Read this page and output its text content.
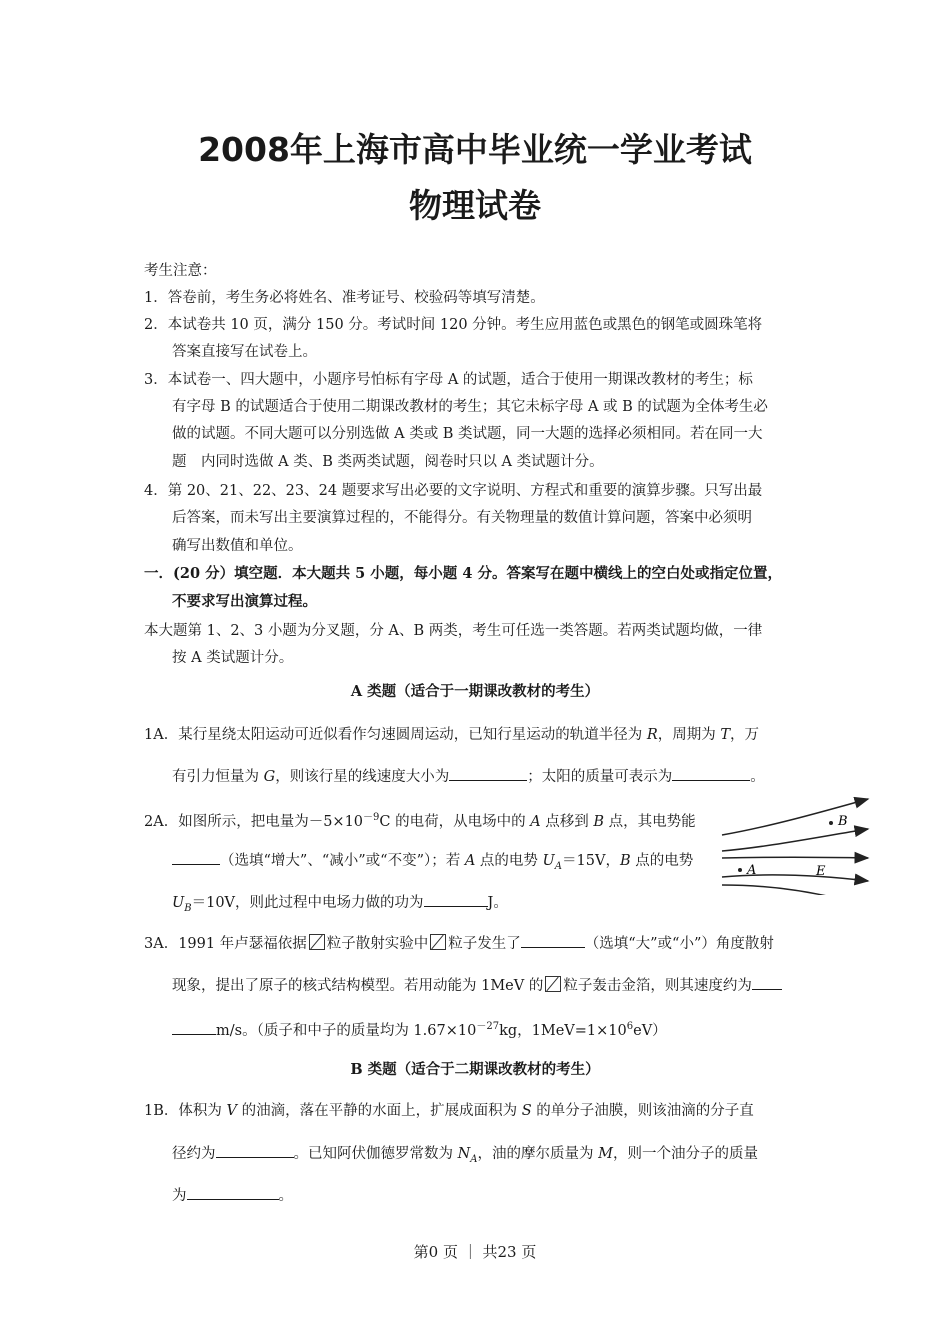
2008年上海市高中毕业统一学业考试
物理试卷
考生注意：
1．答卷前，考生务必将姓名、准考证号、校验码等填写清楚。
2．本试卷共 10 页，满分 150 分。考试时间 120 分钟。考生应用蓝色或黑色的钢笔或圆珠笔将
答案直接写在试卷上。
3．本试卷一、四大题中，小题序号怕标有字母 A 的试题，适合于使用一期课改教材的考生；标
有字母 B 的试题适合于使用二期课改教材的考生；其它未标字母 A 或 B 的试题为全体考生必
做的试题。不同大题可以分别选做 A 类或 B 类试题，同一大题的选择必须相同。若在同一大
题　内同时选做 A 类、B 类两类试题，阅卷时只以 A 类试题计分。
4．第 20、21、22、23、24 题要求写出必要的文字说明、方程式和重要的演算步骤。只写出最
后答案，而未写出主要演算过程的，不能得分。有关物理量的数值计算问题，答案中必须明
确写出数值和单位。
一．(20 分）填空题．本大题共 5 小题，每小题 4 分。答案写在题中横线上的空白处或指定位置，
不要求写出演算过程。
本大题第 1、2、3 小题为分叉题，分 A、B 两类，考生可任选一类答题。若两类试题均做，一律
按 A 类试题计分。
A 类题（适合于一期课改教材的考生）
1A．某行星绕太阳运动可近似看作匀速圆周运动，已知行星运动的轨道半径为 R，周期为 T，万
有引力恒量为 G，则该行星的线速度大小为	；太阳的质量可表示为	。
2A．如图所示，把电量为$-5\times 10^{-9}C$ 的电荷，从电场中的 A 点移到 B 点，其电势能
（选填“增大”、“减小”或“不变”）；若 A 点的电势 $U_A=15V$，B 点的电势
$U_B=10V$，则此过程中电场力做的功为	J。
B
A	E
3A．1991 年卢瑟福依据 粒子散射实验中 粒子发生了	（选填“大”或“小”）角度散射
现象，提出了原子的核式结构模型。若用动能为 1MeV 的 粒子轰击金箔，则其速度约为
m/s。（质子和中子的质量均为 $1.67\times 10^{-27}kg$，$1MeV=1\times 10^6eV$）
B 类题（适合于二期课改教材的考生）
1B．体积为 V 的油滴，落在平静的水面上，扩展成面积为 S 的单分子油膜，则该油滴的分子直
径约为	。已知阿伏伽德罗常数为 $N_A$，油的摩尔质量为 M，则一个油分子的质量
为	。
第0 页 ｜ 共23 页
